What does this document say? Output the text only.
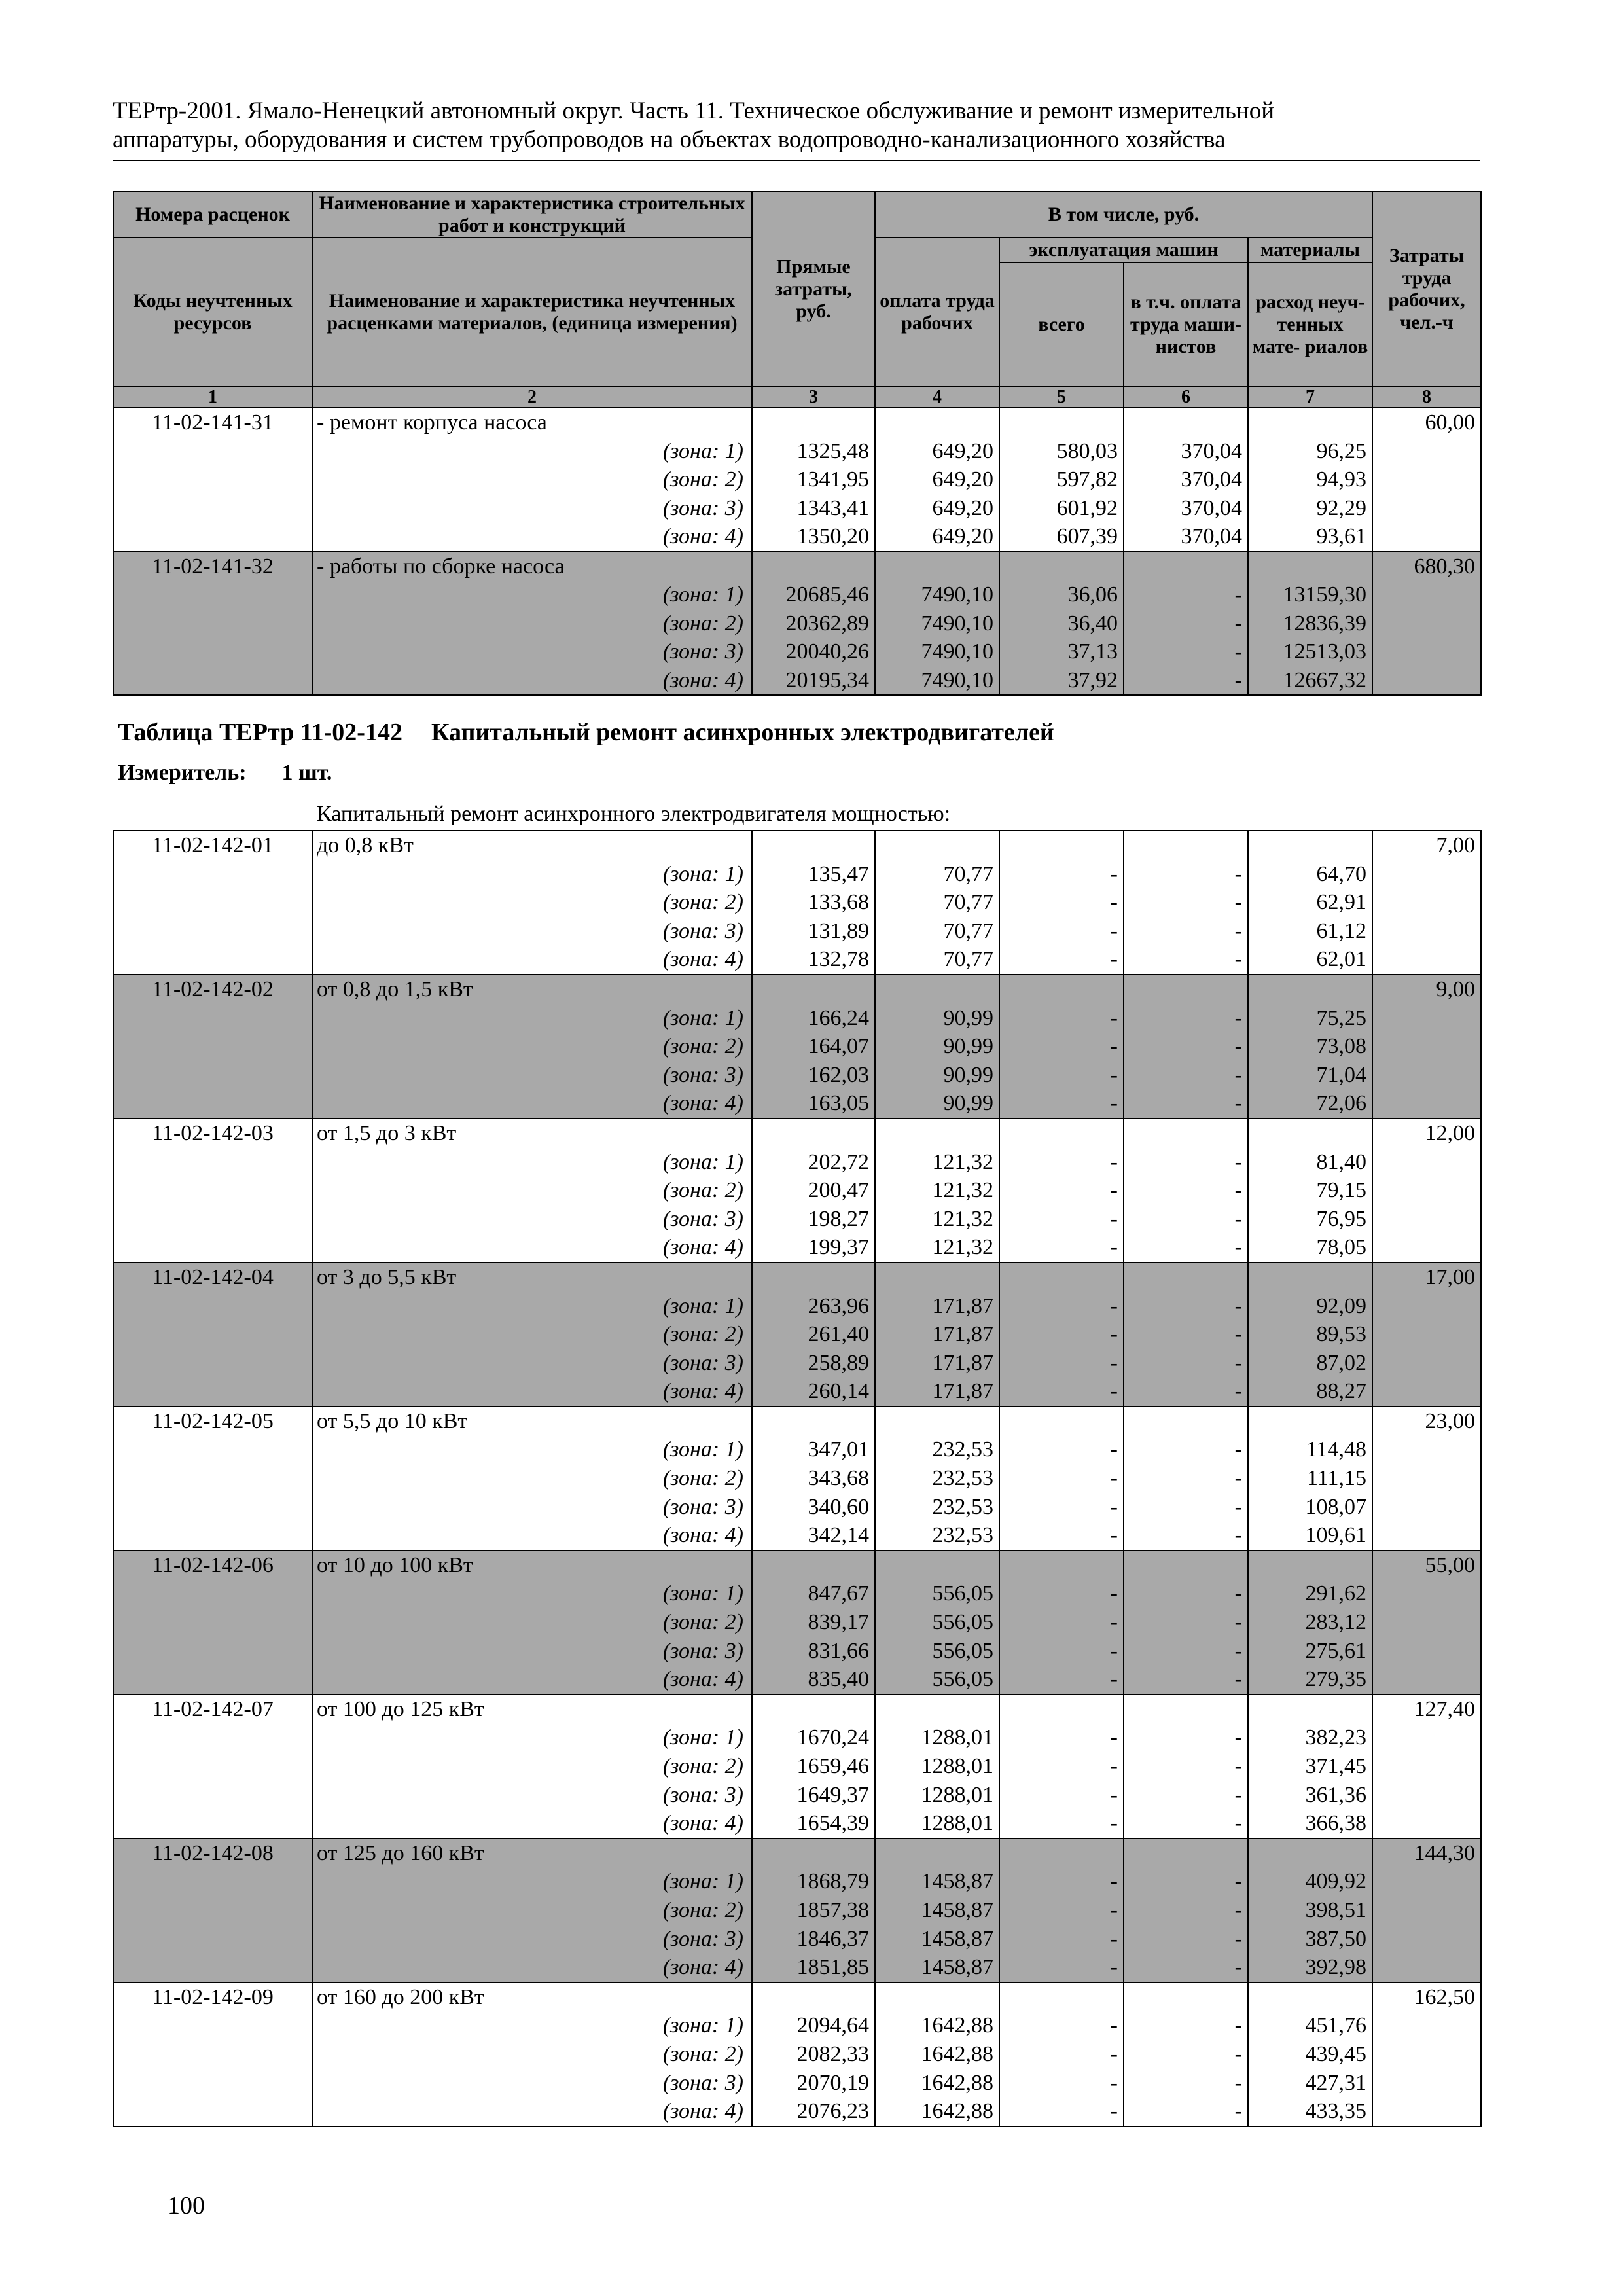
ТЕРтр-2001. Ямало-Ненецкий автономный округ. Часть 11. Техническое обслуживание и ремонт измерительной
аппаратуры, оборудования и систем трубопроводов на объектах водопроводно-канализационного хозяйства
Номера расценок	Наименование и характеристика строительных работ и конструкций	Прямые затраты, руб.	В том числе, руб.				Затраты труда рабочих, чел.-ч
Коды неучтенных ресурсов	Наименование и характеристика неучтенных расценками материалов, (единица измерения)		оплата труда рабочих	эксплуатация машин		материалы	
				всего	в т.ч. оплата труда маши- нистов	расход неуч- тенных мате- риалов	

1	2	3	4	5	6	7	8
11-02-141-31	- ремонт корпуса насоса						60,00
	(зона: 1)	1325,48	649,20	580,03	370,04	96,25	
	(зона: 2)	1341,95	649,20	597,82	370,04	94,93	
	(зона: 3)	1343,41	649,20	601,92	370,04	92,29	
	(зона: 4)	1350,20	649,20	607,39	370,04	93,61	
11-02-141-32	- работы по сборке насоса						680,30
	(зона: 1)	20685,46	7490,10	36,06	-	13159,30	
	(зона: 2)	20362,89	7490,10	36,40	-	12836,39	
	(зона: 3)	20040,26	7490,10	37,13	-	12513,03	
	(зона: 4)	20195,34	7490,10	37,92	-	12667,32	
Таблица ТЕРтр 11-02-142 Капитальный ремонт асинхронных электродвигателей
Измеритель: 1 шт.
Капитальный ремонт асинхронного электродвигателя мощностью:
11-02-142-01	до 0,8 кВт						7,00
	(зона: 1)	135,47	70,77	-	-	64,70	
	(зона: 2)	133,68	70,77	-	-	62,91	
	(зона: 3)	131,89	70,77	-	-	61,12	
	(зона: 4)	132,78	70,77	-	-	62,01	
11-02-142-02	от 0,8 до 1,5 кВт						9,00
	(зона: 1)	166,24	90,99	-	-	75,25	
	(зона: 2)	164,07	90,99	-	-	73,08	
	(зона: 3)	162,03	90,99	-	-	71,04	
	(зона: 4)	163,05	90,99	-	-	72,06	
11-02-142-03	от 1,5 до 3 кВт						12,00
	(зона: 1)	202,72	121,32	-	-	81,40	
	(зона: 2)	200,47	121,32	-	-	79,15	
	(зона: 3)	198,27	121,32	-	-	76,95	
	(зона: 4)	199,37	121,32	-	-	78,05	
11-02-142-04	от 3 до 5,5 кВт						17,00
	(зона: 1)	263,96	171,87	-	-	92,09	
	(зона: 2)	261,40	171,87	-	-	89,53	
	(зона: 3)	258,89	171,87	-	-	87,02	
	(зона: 4)	260,14	171,87	-	-	88,27	
11-02-142-05	от 5,5 до 10 кВт						23,00
	(зона: 1)	347,01	232,53	-	-	114,48	
	(зона: 2)	343,68	232,53	-	-	111,15	
	(зона: 3)	340,60	232,53	-	-	108,07	
	(зона: 4)	342,14	232,53	-	-	109,61	
11-02-142-06	от 10 до 100 кВт						55,00
	(зона: 1)	847,67	556,05	-	-	291,62	
	(зона: 2)	839,17	556,05	-	-	283,12	
	(зона: 3)	831,66	556,05	-	-	275,61	
	(зона: 4)	835,40	556,05	-	-	279,35	
11-02-142-07	от 100 до 125 кВт						127,40
	(зона: 1)	1670,24	1288,01	-	-	382,23	
	(зона: 2)	1659,46	1288,01	-	-	371,45	
	(зона: 3)	1649,37	1288,01	-	-	361,36	
	(зона: 4)	1654,39	1288,01	-	-	366,38	
11-02-142-08	от 125 до 160 кВт						144,30
	(зона: 1)	1868,79	1458,87	-	-	409,92	
	(зона: 2)	1857,38	1458,87	-	-	398,51	
	(зона: 3)	1846,37	1458,87	-	-	387,50	
	(зона: 4)	1851,85	1458,87	-	-	392,98	
11-02-142-09	от 160 до 200 кВт						162,50
	(зона: 1)	2094,64	1642,88	-	-	451,76	
	(зона: 2)	2082,33	1642,88	-	-	439,45	
	(зона: 3)	2070,19	1642,88	-	-	427,31	
	(зона: 4)	2076,23	1642,88	-	-	433,35	
100
